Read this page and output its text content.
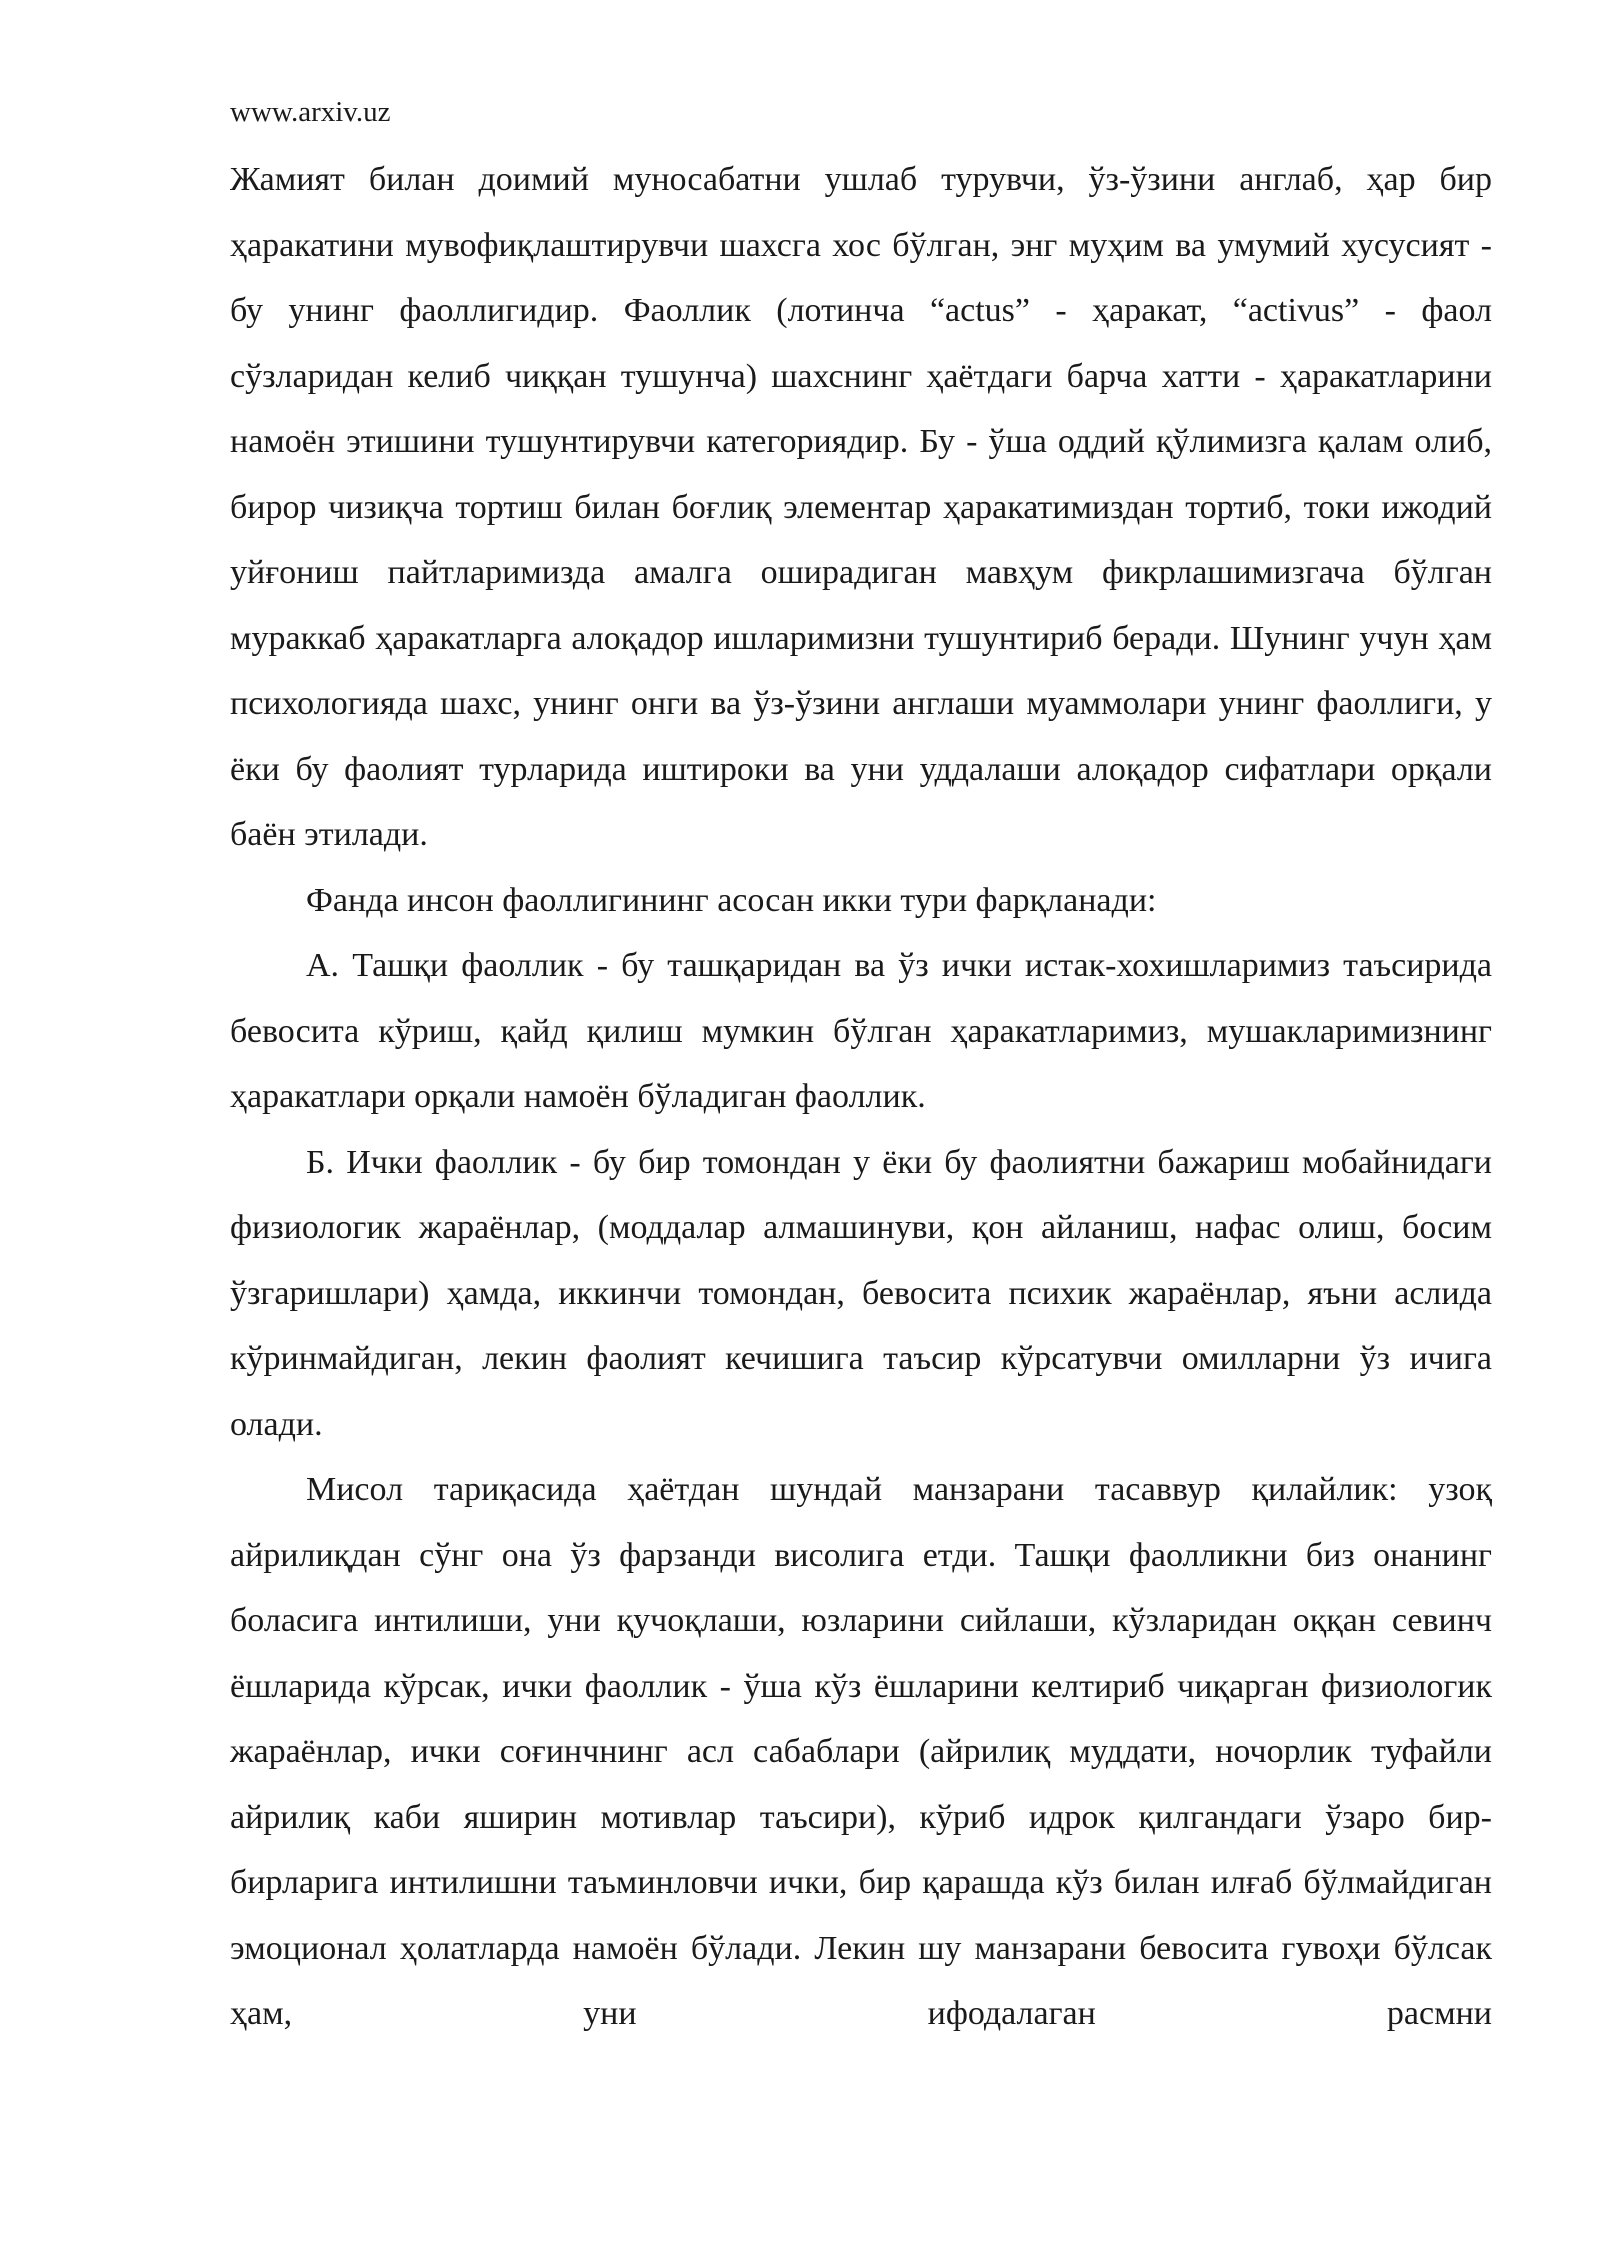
www.arxiv.uz

Жамият билан доимий муносабатни ушлаб турувчи, ўз-ўзини англаб, ҳар бир ҳаракатини мувофиқлаштирувчи шахсга хос бўлган, энг муҳим ва умумий хусусият - бу унинг фаоллигидир. Фаоллик (лотинча “actus” - ҳаракат, “activus” - фаол сўзларидан келиб чиққан тушунча) шахснинг ҳаётдаги барча хатти - ҳаракатларини намоён этишини тушунтирувчи категориядир. Бу - ўша оддий қўлимизга қалам олиб, бирор чизиқча тортиш билан боғлиқ элементар ҳаракатимиздан тортиб, токи ижодий уйғониш пайтларимизда амалга оширадиган мавҳум фикрлашимизгача бўлган мураккаб ҳаракатларга алоқадор ишларимизни тушунтириб беради. Шунинг учун ҳам психологияда шахс, унинг онги ва ўз-ўзини англаши муаммолари унинг фаоллиги, у ёки бу фаолият турларида иштироки ва уни уддалаши алоқадор сифатлари орқали баён этилади.

Фанда инсон фаоллигининг асосан икки тури фарқланади:

А. Ташқи фаоллик - бу ташқаридан ва ўз ички истак-хохишларимиз таъсирида бевосита кўриш, қайд қилиш мумкин бўлган ҳаракатларимиз, мушакларимизнинг ҳаракатлари орқали намоён бўладиган фаоллик.

Б. Ички фаоллик - бу бир томондан у ёки бу фаолиятни бажариш мобайнидаги физиологик жараёнлар, (моддалар алмашинуви, қон айланиш, нафас олиш, босим ўзгаришлари) ҳамда, иккинчи томондан, бевосита психик жараёнлар, яъни аслида кўринмайдиган, лекин фаолият кечишига таъсир кўрсатувчи омилларни ўз ичига олади.

Мисол тариқасида ҳаётдан шундай манзарани тасаввур қилайлик: узоқ айрилиқдан сўнг она ўз фарзанди висолига етди. Ташқи фаолликни биз онанинг боласига интилиши, уни қучоқлаши, юзларини сийлаши, кўзларидан оққан севинч ёшларида кўрсак, ички фаоллик - ўша кўз ёшларини келтириб чиқарган физиологик жараёнлар, ички соғинчнинг асл сабаблари (айрилиқ муддати, ночорлик туфайли айрилиқ каби яширин мотивлар таъсири), кўриб идрок қилгандаги ўзаро бир-бирларига интилишни таъминловчи ички, бир қарашда кўз билан илғаб бўлмайдиган эмоционал ҳолатларда намоён бўлади. Лекин шу манзарани бевосита гувоҳи бўлсак ҳам, уни ифодалаган расмни
